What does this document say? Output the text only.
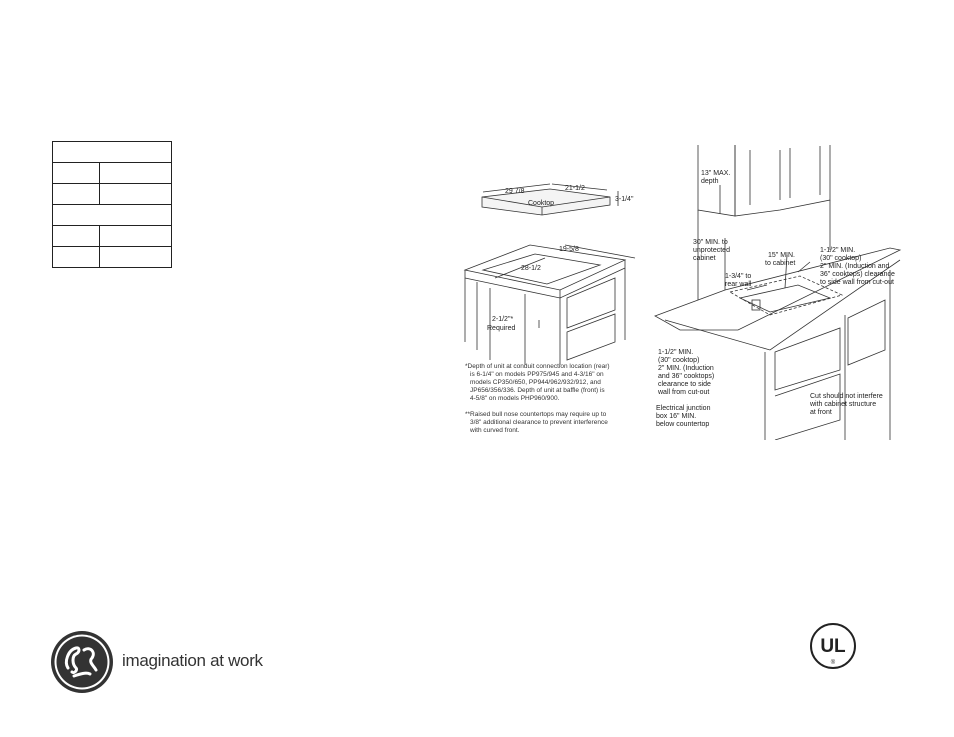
29 7/8	21-1/2
3-1/4"
Cooktop
19-5/8
28-1/2
2-1/2"*
Required
*Depth of unit at conduit connection location (rear)
is 6-1/4" on models PP975/945 and 4-3/16" on
models CP350/650, PP944/962/932/912, and
JP656/356/336. Depth of unit at baffle (front) is
4-5/8" on models PHP960/900.
**Raised bull nose countertops may require up to
3/8" additional clearance to prevent interference
with curved front.
13" MAX.
depth
30" MIN. to
unprotected
cabinet	15" MIN.
to cabinet
1-1/2" MIN.
(30" cooktop)
2" MIN. (Induction and
36" cooktops) clearance
to side wall from cut-out
1-3/4" to
rear wall
1-1/2" MIN.
(30" cooktop)
2" MIN. (Induction
and 36" cooktops)
clearance to side
wall from cut-out
Electrical junction
box 16" MIN.
below countertop
Cut should not interfere
with cabinet structure
at front
imagination at work
UL
®
